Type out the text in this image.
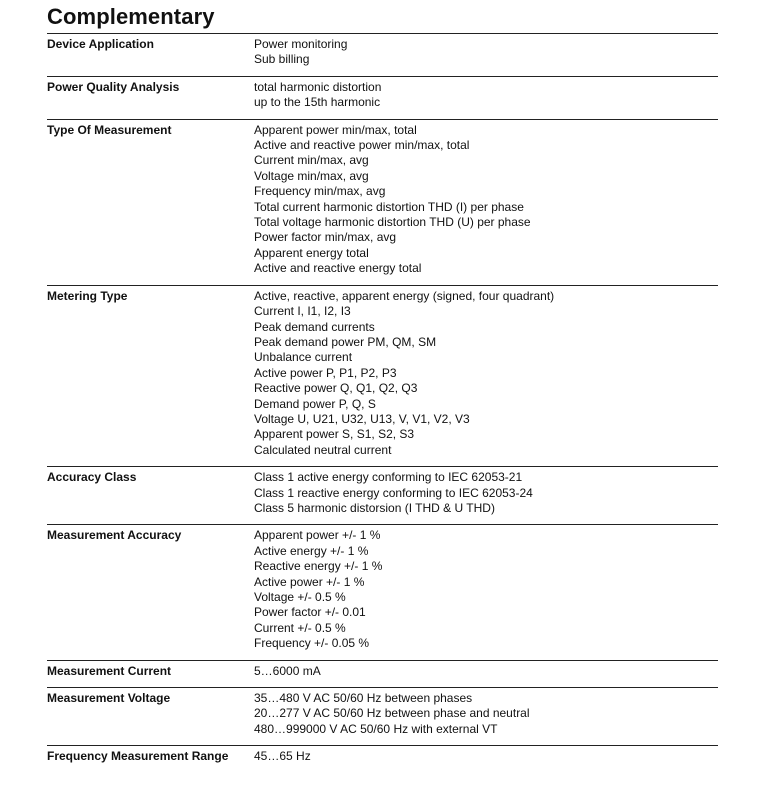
Complementary
Device Application	Power monitoring
Sub billing
Power Quality Analysis	total harmonic distortion
up to the 15th harmonic
Type Of Measurement	Apparent power min/max, total
Active and reactive power min/max, total
Current min/max, avg
Voltage min/max, avg
Frequency min/max, avg
Total current harmonic distortion THD (I) per phase
Total voltage harmonic distortion THD (U) per phase
Power factor min/max, avg
Apparent energy total
Active and reactive energy total
Metering Type	Active, reactive, apparent energy (signed, four quadrant)
Current I, I1, I2, I3
Peak demand currents
Peak demand power PM, QM, SM
Unbalance current
Active power P, P1, P2, P3
Reactive power Q, Q1, Q2, Q3
Demand power P, Q, S
Voltage U, U21, U32, U13, V, V1, V2, V3
Apparent power S, S1, S2, S3
Calculated neutral current
Accuracy Class	Class 1 active energy conforming to IEC 62053-21
Class 1 reactive energy conforming to IEC 62053-24
Class 5 harmonic distorsion (I THD & U THD)
Measurement Accuracy	Apparent power +/- 1 %
Active energy +/- 1 %
Reactive energy +/- 1 %
Active power +/- 1 %
Voltage +/- 0.5 %
Power factor +/- 0.01
Current +/- 0.5 %
Frequency +/- 0.05 %
Measurement Current	5…6000 mA
Measurement Voltage	35…480 V AC 50/60 Hz between phases
20…277 V AC 50/60 Hz between phase and neutral
480…999000 V AC 50/60 Hz with external VT
Frequency Measurement Range	45…65 Hz
